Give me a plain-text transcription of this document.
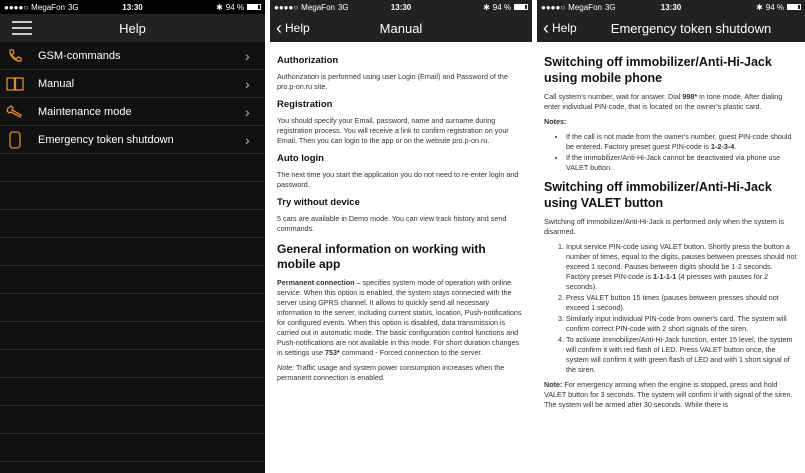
●●●●○ MegaFon 3G	13:30	✱ 94 %
Help
GSM-commands	›
Manual	›
Maintenance mode	›
Emergency token shutdown	›
●●●●○ MegaFon 3G	13:30	✱ 94 %
‹ Help	Manual
Authorization

Authorization is performed using user Login (Email) and Password of the pro.p-on.ru site.

Registration

You should specify your Email, password, name and surname during registration process. You will receive a link to confirm registration on your Email. Then you can login to the app or on the website pro.p-on.ru.

Auto login

The next time you start the application you do not need to re-enter login and password.

Try without device

5 cars are available in Demo mode. You can view track history and send commands.

General information on working with mobile app

Permanent connection – specifies system mode of operation with online service. When this option is enabled, the system stays connected with the server using GPRS channel. It allows to quickly send all necessary information to the server, including current status, location, Push-notifications for configured events. When this option is disabled, data transmission is carried out in automatic mode. The basic configuration control functions and Push-notifications are not available in this mode. For short duration changes in settings use 753* command - Forced connection to the server.

Note: Traffic usage and system power consumption increases when the permanent connection is enabled.

●●●●○ MegaFon 3G	13:30	✱ 94 %
‹ Help	Emergency token shutdown
Switching off immobilizer/Anti-Hi-Jack using mobile phone

Call system's number, wait for answer. Dial 998* in tone mode. After dialing enter individual PIN-code, that is located on the owner's plastic card.

Notes:

• If the call is not made from the owner's number, guest PIN-code should be entered. Factory preset guest PIN-code is 1-2-3-4.
• If the immobilizer/Anti-Hi-Jack cannot be deactivated via phone use VALET button.
Switching off immobilizer/Anti-Hi-Jack using VALET button

Switching off immobilizer/Anti-Hi-Jack is performed only when the system is disarmed.

1. Input service PIN-code using VALET button. Shortly press the button a number of times, equal to the digits, pauses between presses should not exceed 1 second. Pauses between digits should be 1-2 seconds. Factory preset PIN-code is 1-1-1-1 (4 presses with pauses for 2 seconds).
2. Press VALET button 15 times (pauses between presses should not exceed 1 second).
3. Similarly input individual PIN-code from owner's card. The system will confirm correct PIN-code with 2 short signals of the siren.
4. To activate immobilizer/Anti-Hi-Jack function, enter 15 level, the system will confirm it with red flash of LED. Press VALET button once, the system will confirm it with green flash of LED and with 1 short signal of the siren.

Note: For emergency arming when the engine is stopped, press and hold VALET button for 3 seconds. The system will confirm it with signal of the siren. The system will be armed after 30 seconds. While there is
